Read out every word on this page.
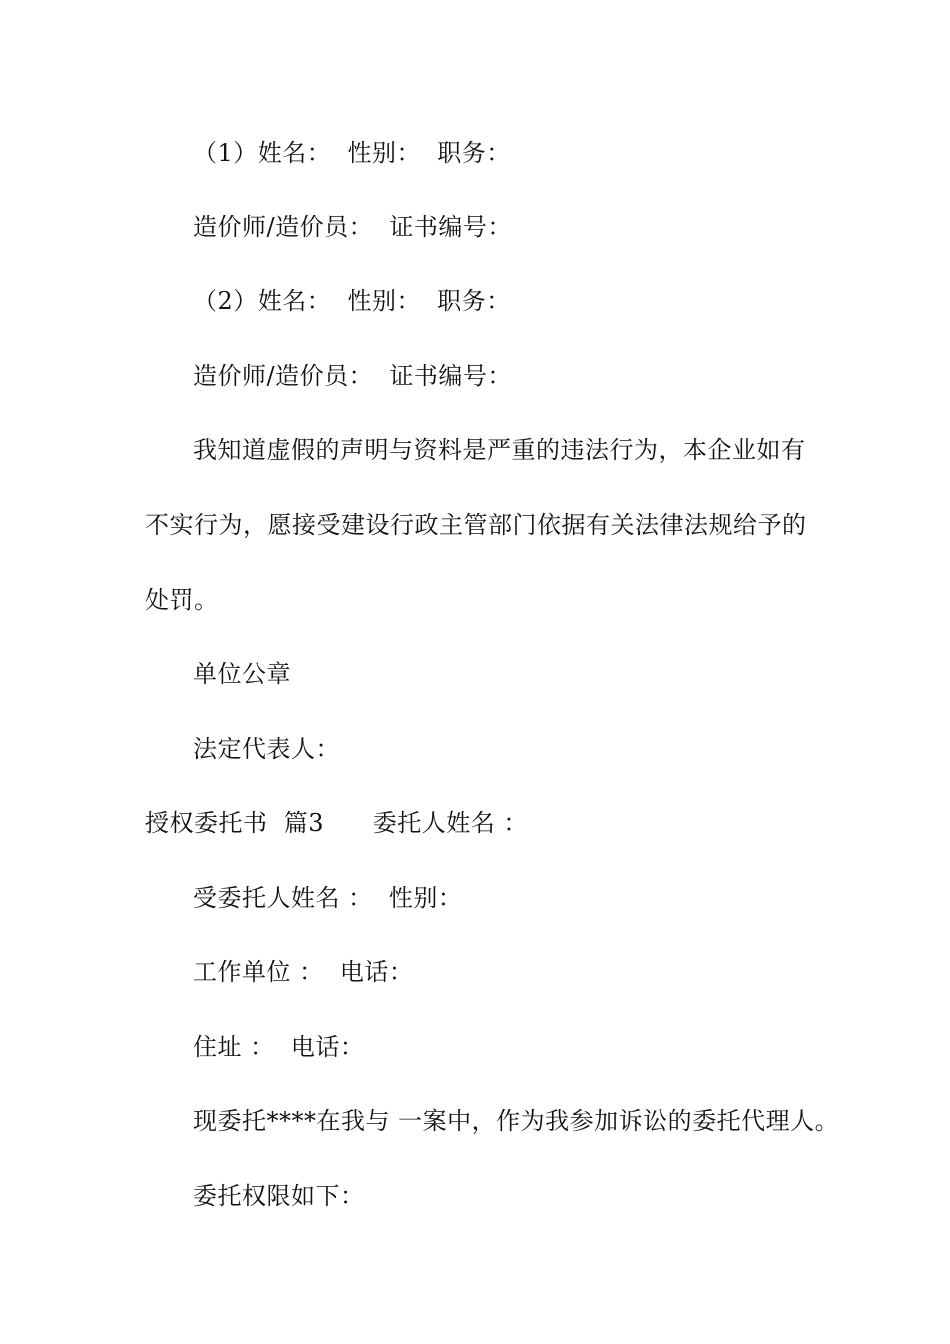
（1）姓名：  性别：  职务：
造价师/造价员：  证书编号：
（2）姓名：  性别：  职务：
造价师/造价员：  证书编号：
我知道虚假的声明与资料是严重的违法行为，本企业如有
不实行为，愿接受建设行政主管部门依据有关法律法规给予的
处罚。
单位公章
法定代表人：
授权委托书  篇3      委托人姓名 ：
受委托人姓名 ：  性别：
工作单位 ：  电话：
住址 ：  电话：
现委托****在我与 一案中，作为我参加诉讼的委托代理人。
委托权限如下：
